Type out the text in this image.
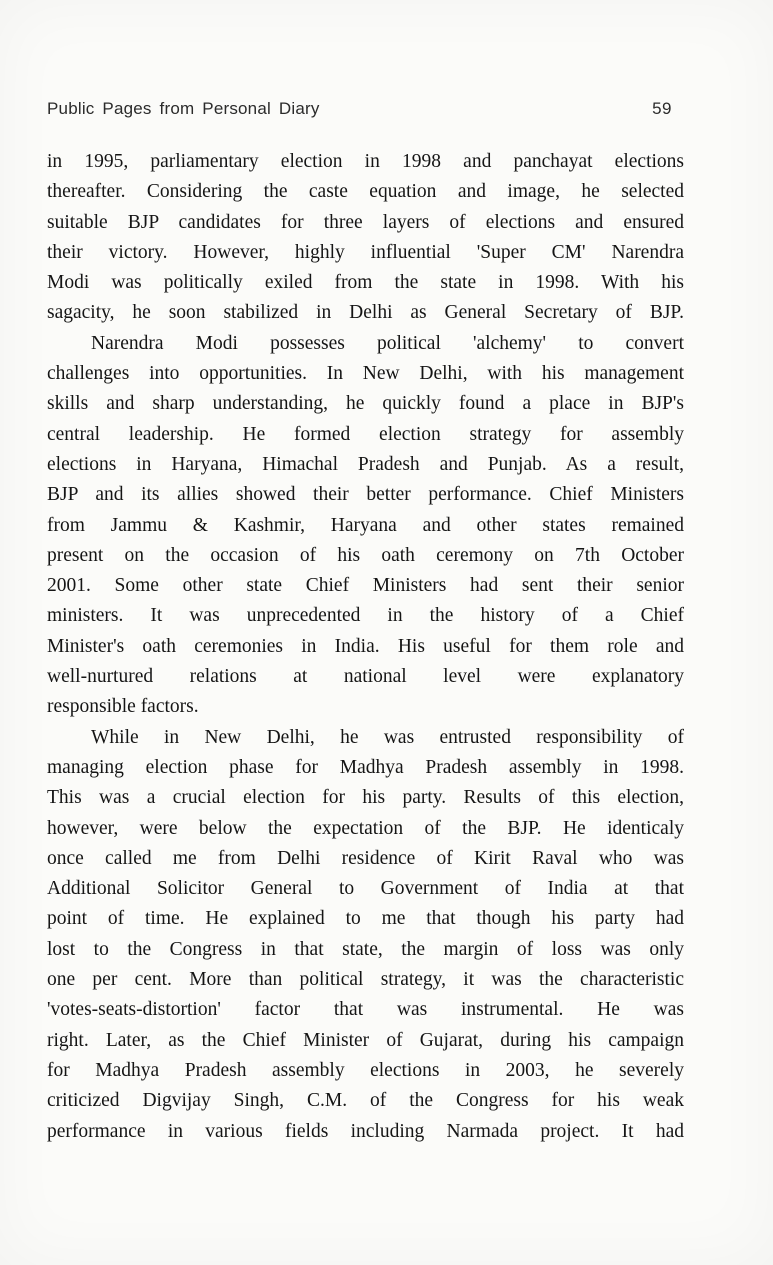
Public Pages from Personal Diary	59
in 1995, parliamentary election in 1998 and panchayat elections
thereafter. Considering the caste equation and image, he selected
suitable BJP candidates for three layers of elections and ensured
their victory. However, highly influential 'Super CM' Narendra
Modi was politically exiled from the state in 1998. With his
sagacity, he soon stabilized in Delhi as General Secretary of BJP.
Narendra Modi possesses political 'alchemy' to convert
challenges into opportunities. In New Delhi, with his management
skills and sharp understanding, he quickly found a place in BJP's
central leadership. He formed election strategy for assembly
elections in Haryana, Himachal Pradesh and Punjab. As a result,
BJP and its allies showed their better performance. Chief Ministers
from Jammu & Kashmir, Haryana and other states remained
present on the occasion of his oath ceremony on 7th October
2001. Some other state Chief Ministers had sent their senior
ministers. It was unprecedented in the history of a Chief
Minister's oath ceremonies in India. His useful for them role and
well-nurtured relations at national level were explanatory
responsible factors.
While in New Delhi, he was entrusted responsibility of
managing election phase for Madhya Pradesh assembly in 1998.
This was a crucial election for his party. Results of this election,
however, were below the expectation of the BJP. He identicaly
once called me from Delhi residence of Kirit Raval who was
Additional Solicitor General to Government of India at that
point of time. He explained to me that though his party had
lost to the Congress in that state, the margin of loss was only
one per cent. More than political strategy, it was the characteristic
'votes-seats-distortion' factor that was instrumental. He was
right. Later, as the Chief Minister of Gujarat, during his campaign
for Madhya Pradesh assembly elections in 2003, he severely
criticized Digvijay Singh, C.M. of the Congress for his weak
performance in various fields including Narmada project. It had
